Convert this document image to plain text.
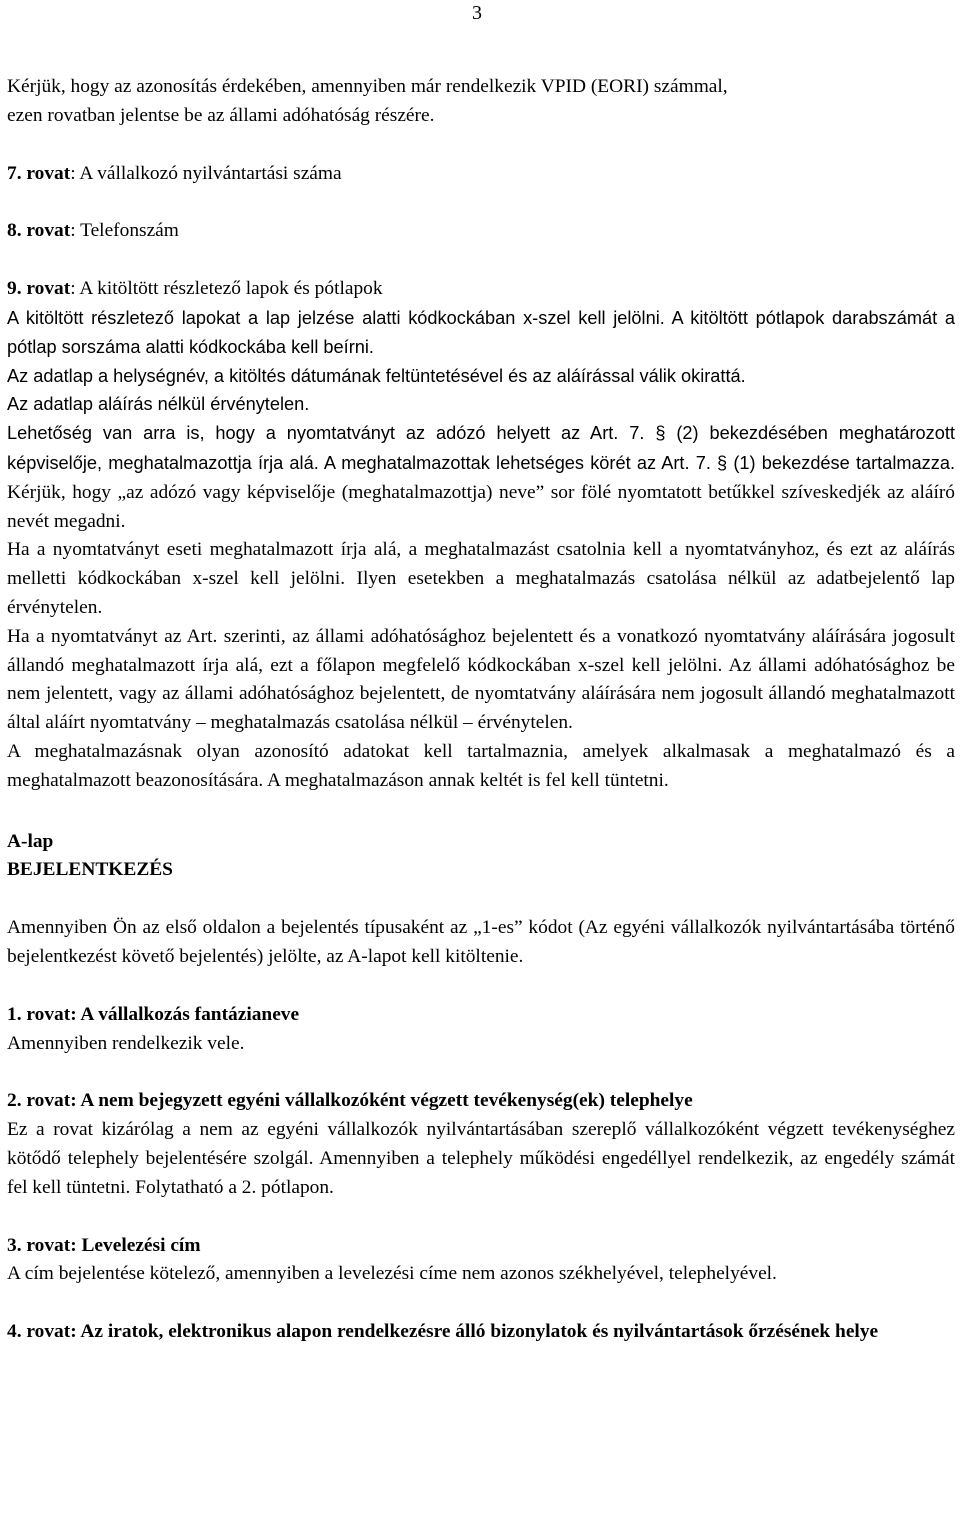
3

Kérjük, hogy az azonosítás érdekében, amennyiben már rendelkezik VPID (EORI) számmal,

ezen rovatban jelentse be az állami adóhatóság részére.

7. rovat: A vállalkozó nyilvántartási száma

8. rovat: Telefonszám

9. rovat: A kitöltött részletező lapok és pótlapok

A kitöltött részletező lapokat a lap jelzése alatti kódkockában x-szel kell jelölni. A kitöltött pótlapok darabszámát a pótlap sorszáma alatti kódkockába kell beírni.

Az adatlap a helységnév, a kitöltés dátumának feltüntetésével és az aláírással válik okirattá.

Az adatlap aláírás nélkül érvénytelen.

Lehetőség van arra is, hogy a nyomtatványt az adózó helyett az Art. 7. § (2) bekezdésében meghatározott képviselője, meghatalmazottja írja alá. A meghatalmazottak lehetséges körét az Art. 7. § (1) bekezdése tartalmazza. Kérjük, hogy „az adózó vagy képviselője (meghatalmazottja) neve” sor fölé nyomtatott betűkkel szíveskedjék az aláíró nevét megadni.

Ha a nyomtatványt eseti meghatalmazott írja alá, a meghatalmazást csatolnia kell a nyomtatványhoz, és ezt az aláírás melletti kódkockában x-szel kell jelölni. Ilyen esetekben a meghatalmazás csatolása nélkül az adatbejelentő lap érvénytelen.

Ha a nyomtatványt az Art. szerinti, az állami adóhatósághoz bejelentett és a vonatkozó nyomtatvány aláírására jogosult állandó meghatalmazott írja alá, ezt a főlapon megfelelő kódkockában x-szel kell jelölni. Az állami adóhatósághoz be nem jelentett, vagy az állami adóhatósághoz bejelentett, de nyomtatvány aláírására nem jogosult állandó meghatalmazott által aláírt nyomtatvány – meghatalmazás csatolása nélkül – érvénytelen.

A meghatalmazásnak olyan azonosító adatokat kell tartalmaznia, amelyek alkalmasak a meghatalmazó és a meghatalmazott beazonosítására. A meghatalmazáson annak keltét is fel kell tüntetni.

A-lap

BEJELENTKEZÉS

Amennyiben Ön az első oldalon a bejelentés típusaként az „1-es” kódot (Az egyéni vállalkozók nyilvántartásába történő bejelentkezést követő bejelentés) jelölte, az A-lapot kell kitöltenie.

1. rovat: A vállalkozás fantázianeve

Amennyiben rendelkezik vele.

2. rovat: A nem bejegyzett egyéni vállalkozóként végzett tevékenység(ek) telephelye

Ez a rovat kizárólag a nem az egyéni vállalkozók nyilvántartásában szereplő vállalkozóként végzett tevékenységhez kötődő telephely bejelentésére szolgál. Amennyiben a telephely működési engedéllyel rendelkezik, az engedély számát fel kell tüntetni. Folytatható a 2. pótlapon.

3. rovat: Levelezési cím

A cím bejelentése kötelező, amennyiben a levelezési címe nem azonos székhelyével, telephelyével.

4. rovat: Az iratok, elektronikus alapon rendelkezésre álló bizonylatok és nyilvántartások őrzésének helye
